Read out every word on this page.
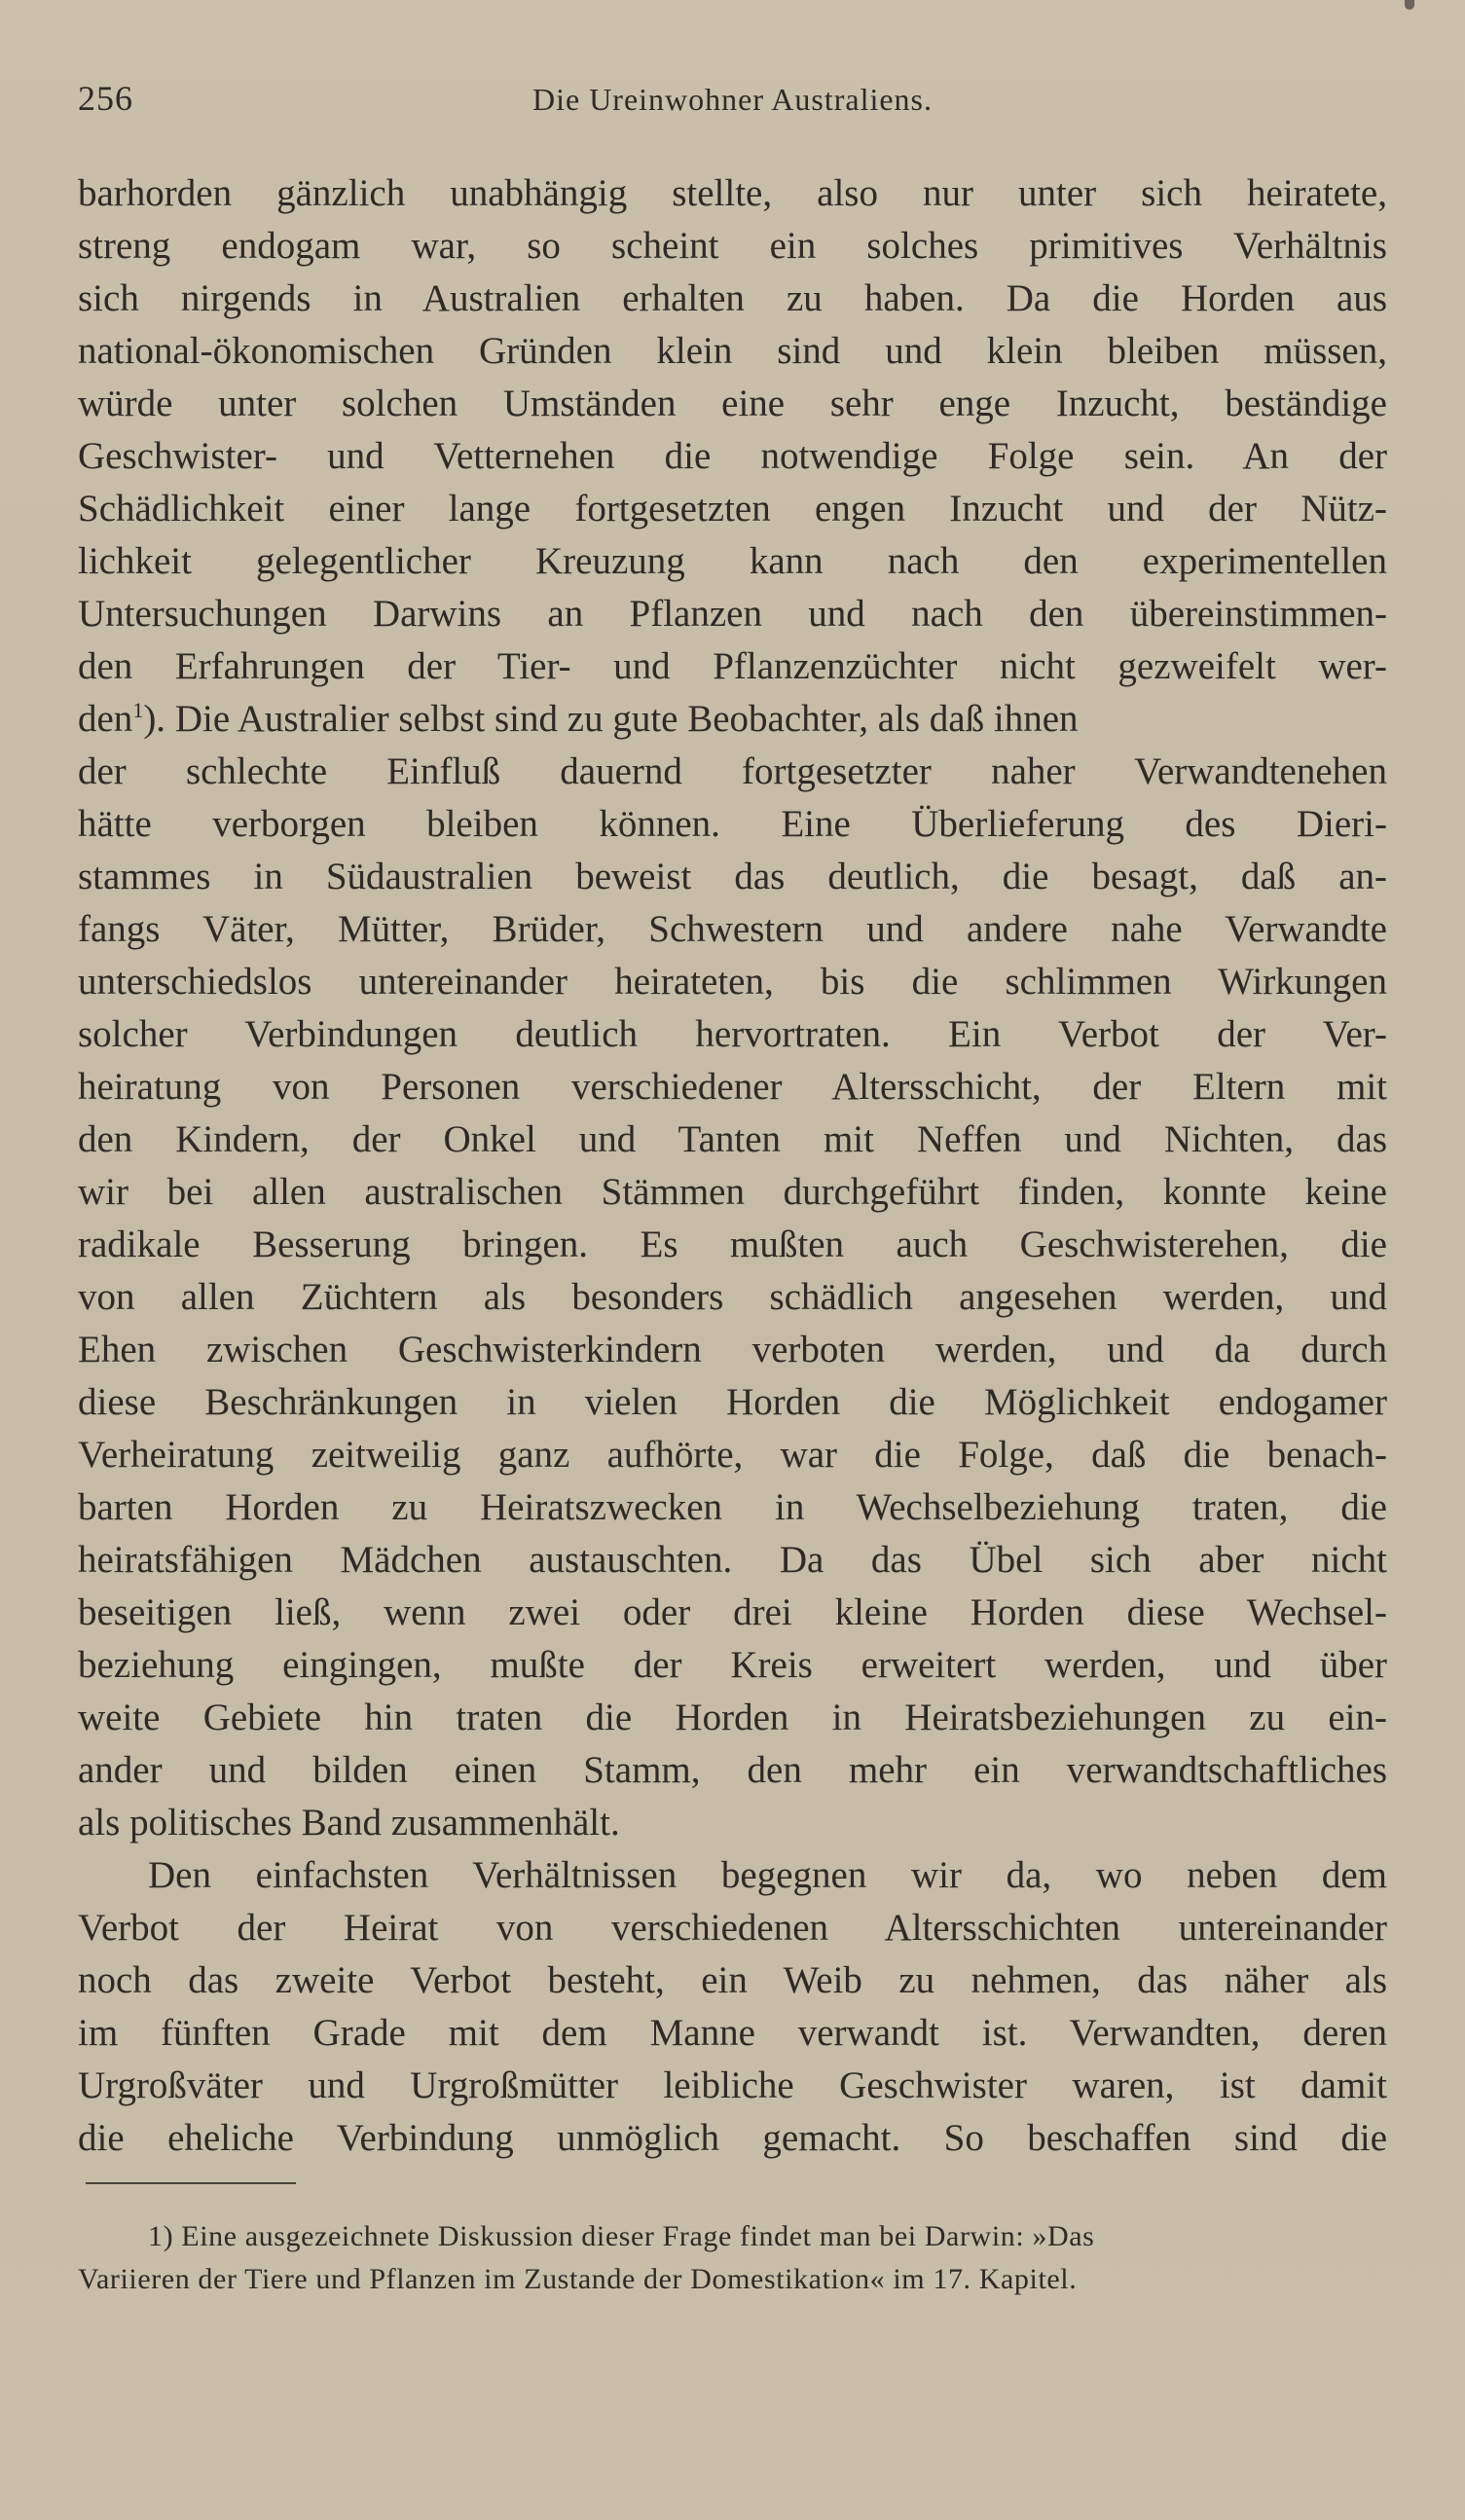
256	Die Ureinwohner Australiens.
barhorden gänzlich unabhängig stellte, also nur unter sich heiratete,
streng endogam war, so scheint ein solches primitives Verhältnis
sich nirgends in Australien erhalten zu haben. Da die Horden aus
national-ökonomischen Gründen klein sind und klein bleiben müssen,
würde unter solchen Umständen eine sehr enge Inzucht, beständige
Geschwister- und Vetternehen die notwendige Folge sein. An der
Schädlichkeit einer lange fortgesetzten engen Inzucht und der Nütz-
lichkeit gelegentlicher Kreuzung kann nach den experimentellen
Untersuchungen Darwins an Pflanzen und nach den übereinstimmen-
den Erfahrungen der Tier- und Pflanzenzüchter nicht gezweifelt wer-
den$^1$). Die Australier selbst sind zu gute Beobachter, als daß ihnen
der schlechte Einfluß dauernd fortgesetzter naher Verwandtenehen
hätte verborgen bleiben können. Eine Überlieferung des Dieri-
stammes in Südaustralien beweist das deutlich, die besagt, daß an-
fangs Väter, Mütter, Brüder, Schwestern und andere nahe Verwandte
unterschiedslos untereinander heirateten, bis die schlimmen Wirkungen
solcher Verbindungen deutlich hervortraten. Ein Verbot der Ver-
heiratung von Personen verschiedener Altersschicht, der Eltern mit
den Kindern, der Onkel und Tanten mit Neffen und Nichten, das
wir bei allen australischen Stämmen durchgeführt finden, konnte keine
radikale Besserung bringen. Es mußten auch Geschwisterehen, die
von allen Züchtern als besonders schädlich angesehen werden, und
Ehen zwischen Geschwisterkindern verboten werden, und da durch
diese Beschränkungen in vielen Horden die Möglichkeit endogamer
Verheiratung zeitweilig ganz aufhörte, war die Folge, daß die benach-
barten Horden zu Heiratszwecken in Wechselbeziehung traten, die
heiratsfähigen Mädchen austauschten. Da das Übel sich aber nicht
beseitigen ließ, wenn zwei oder drei kleine Horden diese Wechsel-
beziehung eingingen, mußte der Kreis erweitert werden, und über
weite Gebiete hin traten die Horden in Heiratsbeziehungen zu ein-
ander und bilden einen Stamm, den mehr ein verwandtschaftliches
als politisches Band zusammenhält.
Den einfachsten Verhältnissen begegnen wir da, wo neben dem
Verbot der Heirat von verschiedenen Altersschichten untereinander
noch das zweite Verbot besteht, ein Weib zu nehmen, das näher als
im fünften Grade mit dem Manne verwandt ist. Verwandten, deren
Urgroßväter und Urgroßmütter leibliche Geschwister waren, ist damit
die eheliche Verbindung unmöglich gemacht. So beschaffen sind die
1) Eine ausgezeichnete Diskussion dieser Frage findet man bei Darwin: »Das
Variieren der Tiere und Pflanzen im Zustande der Domestikation« im 17. Kapitel.
